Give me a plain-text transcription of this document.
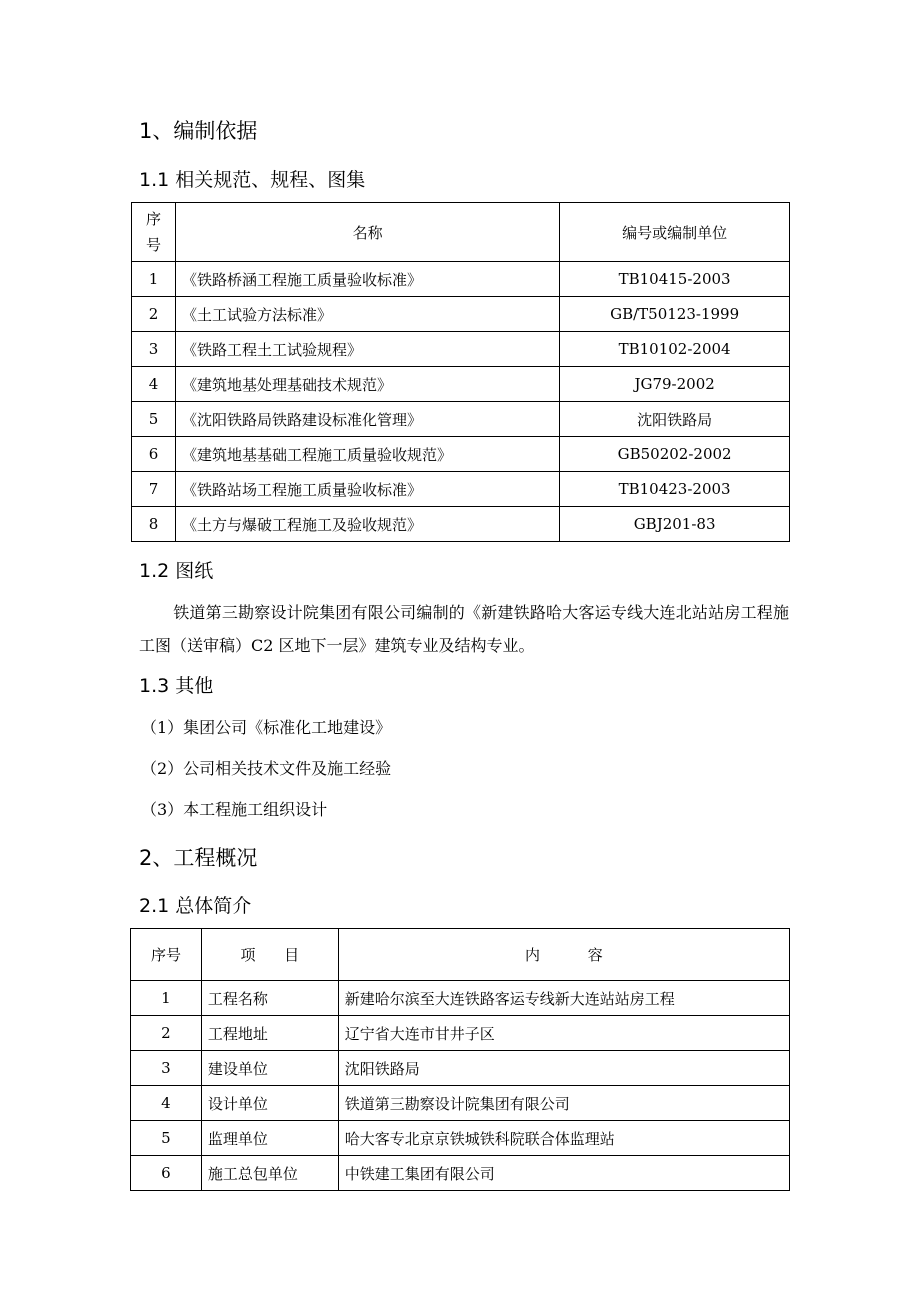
1、编制依据
1.1 相关规范、规程、图集
序
号	名称	编号或编制单位
1	《铁路桥涵工程施工质量验收标准》	TB10415-2003
2	《土工试验方法标准》	GB/T50123-1999
3	《铁路工程土工试验规程》	TB10102-2004
4	《建筑地基处理基础技术规范》	JG79-2002
5	《沈阳铁路局铁路建设标准化管理》	沈阳铁路局
6	《建筑地基基础工程施工质量验收规范》	GB50202-2002
7	《铁路站场工程施工质量验收标准》	TB10423-2003
8	《土方与爆破工程施工及验收规范》	GBJ201-83
1.2 图纸
铁道第三勘察设计院集团有限公司编制的《新建铁路哈大客运专线大连北站站房工程施工图（送审稿）C2 区地下一层》建筑专业及结构专业。
1.3 其他
（1）集团公司《标准化工地建设》
（2）公司相关技术文件及施工经验
（3）本工程施工组织设计
2、工程概况
2.1 总体简介
序号	项      目	内          容
1	工程名称	新建哈尔滨至大连铁路客运专线新大连站站房工程
2	工程地址	辽宁省大连市甘井子区
3	建设单位	沈阳铁路局
4	设计单位	铁道第三勘察设计院集团有限公司
5	监理单位	哈大客专北京京铁城铁科院联合体监理站
6	施工总包单位	中铁建工集团有限公司
